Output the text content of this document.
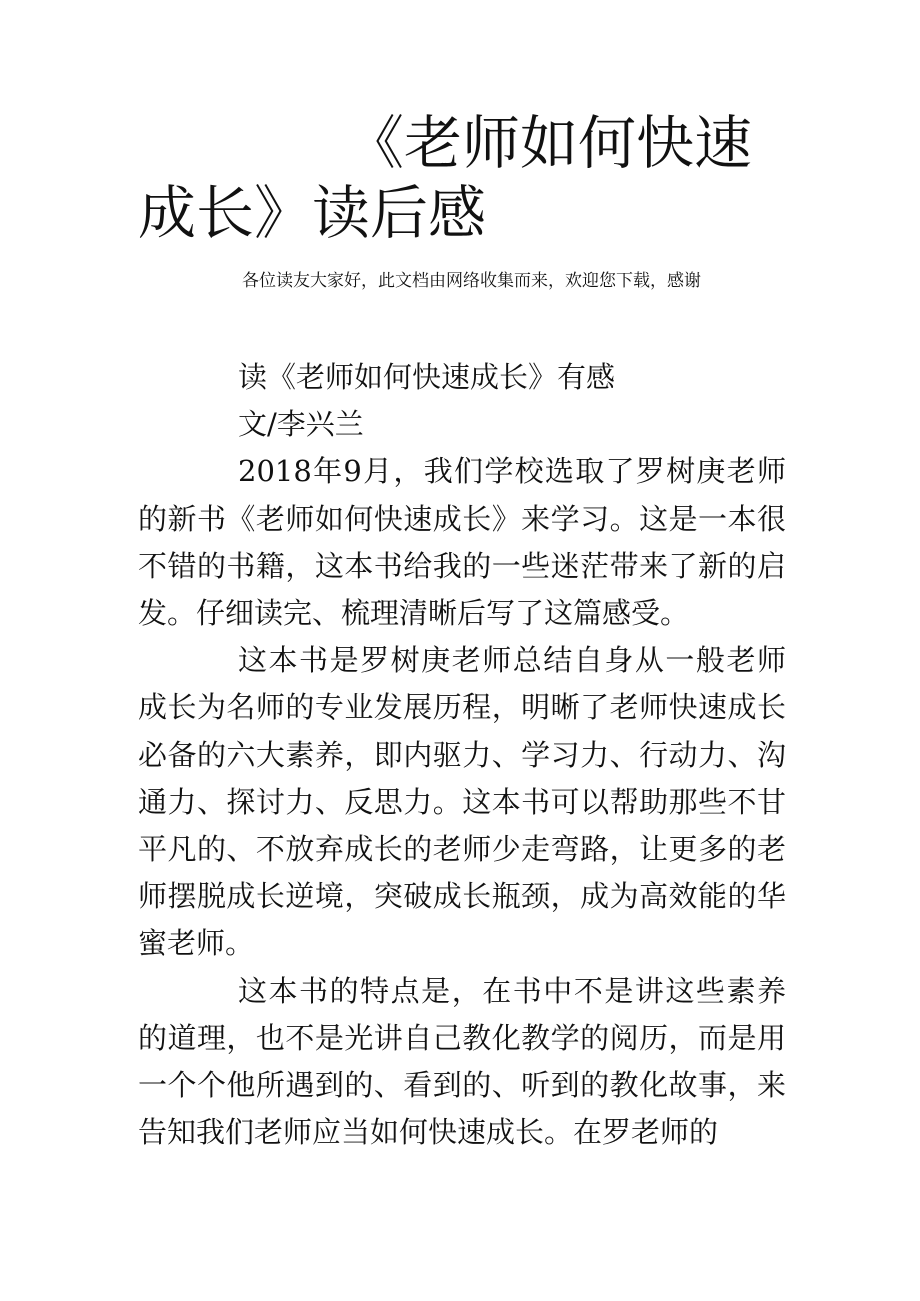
《老师如何快速成长》读后感

各位读友大家好，此文档由网络收集而来，欢迎您下载，感谢

读《老师如何快速成长》有感

文/李兴兰

2018年9月，我们学校选取了罗树庚老师的新书《老师如何快速成长》来学习。这是一本很不错的书籍，这本书给我的一些迷茫带来了新的启发。仔细读完、梳理清晰后写了这篇感受。

这本书是罗树庚老师总结自身从一般老师成长为名师的专业发展历程，明晰了老师快速成长必备的六大素养，即内驱力、学习力、行动力、沟通力、探讨力、反思力。这本书可以帮助那些不甘平凡的、不放弃成长的老师少走弯路，让更多的老师摆脱成长逆境，突破成长瓶颈，成为高效能的华蜜老师。

这本书的特点是，在书中不是讲这些素养的道理，也不是光讲自己教化教学的阅历，而是用一个个他所遇到的、看到的、听到的教化故事，来告知我们老师应当如何快速成长。在罗老师的
